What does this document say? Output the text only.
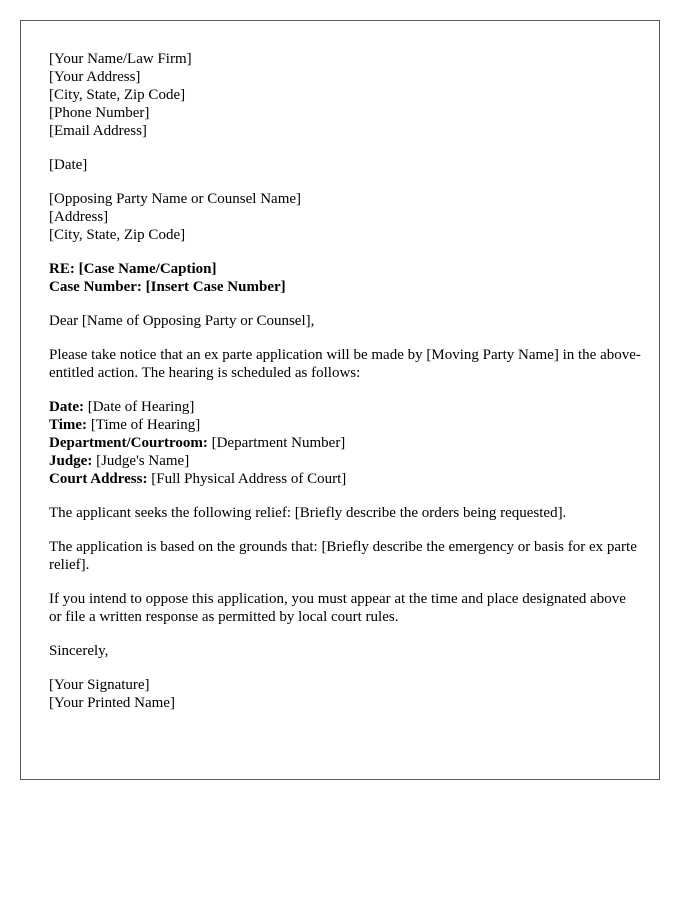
[Your Name/Law Firm]
[Your Address]
[City, State, Zip Code]
[Phone Number]
[Email Address]
[Date]
[Opposing Party Name or Counsel Name]
[Address]
[City, State, Zip Code]
RE: [Case Name/Caption]
Case Number: [Insert Case Number]
Dear [Name of Opposing Party or Counsel],

Please take notice that an ex parte application will be made by [Moving Party Name] in the above-entitled action. The hearing is scheduled as follows:

Date: [Date of Hearing]
Time: [Time of Hearing]
Department/Courtroom: [Department Number]
Judge: [Judge's Name]
Court Address: [Full Physical Address of Court]

The applicant seeks the following relief: [Briefly describe the orders being requested].

The application is based on the grounds that: [Briefly describe the emergency or basis for ex parte relief].

If you intend to oppose this application, you must appear at the time and place designated above or file a written response as permitted by local court rules.

Sincerely,
[Your Signature]
[Your Printed Name]
